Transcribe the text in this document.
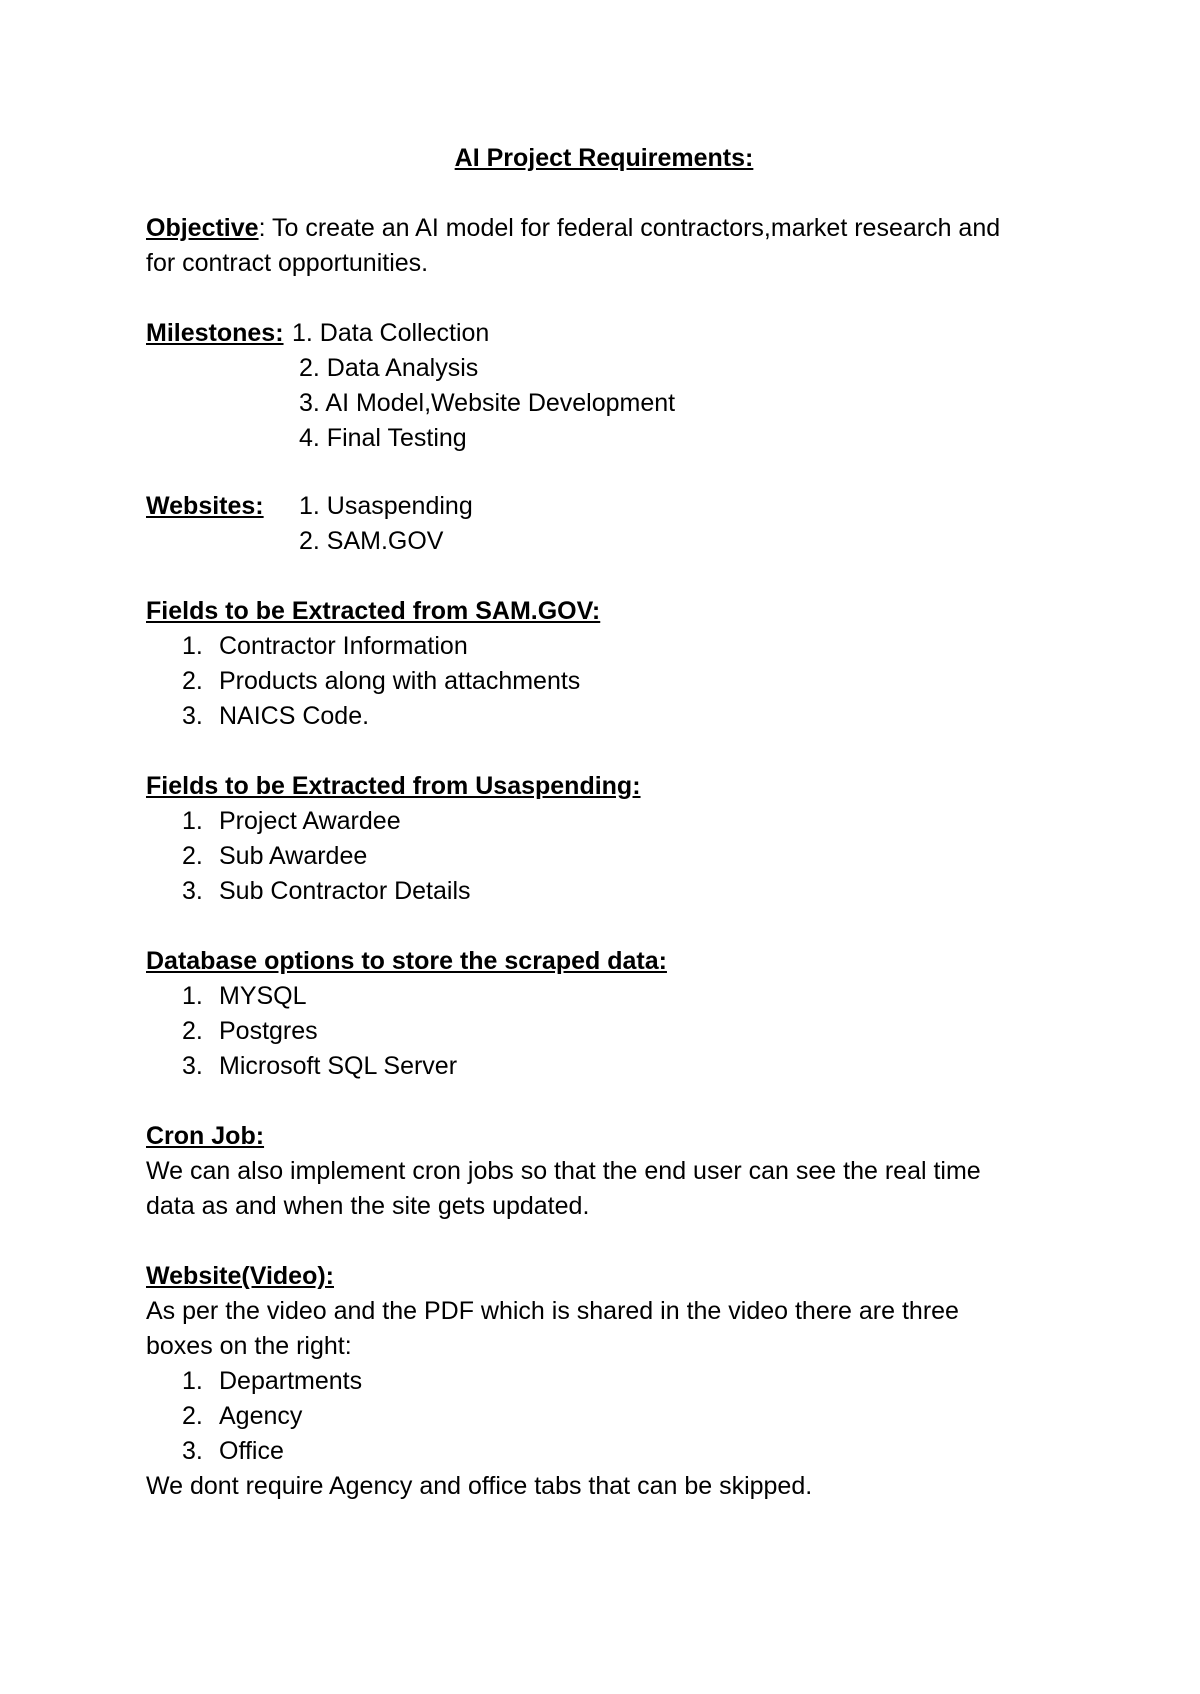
AI Project Requirements:

Objective: To create an AI model for federal contractors,market research and
for contract opportunities.
Milestones: 1. Data Collection
2. Data Analysis
3. AI Model,Website Development
4. Final Testing
Websites: 1. Usaspending
2. SAM.GOV
Fields to be Extracted from SAM.GOV:
1. Contractor Information
2. Products along with attachments
3. NAICS Code.
Fields to be Extracted from Usaspending:
1. Project Awardee
2. Sub Awardee
3. Sub Contractor Details
Database options to store the scraped data:
1. MYSQL
2. Postgres
3. Microsoft SQL Server
Cron Job:
We can also implement cron jobs so that the end user can see the real time
data as and when the site gets updated.
Website(Video):
As per the video and the PDF which is shared in the video there are three
boxes on the right:
1. Departments
2. Agency
3. Office
We dont require Agency and office tabs that can be skipped.
